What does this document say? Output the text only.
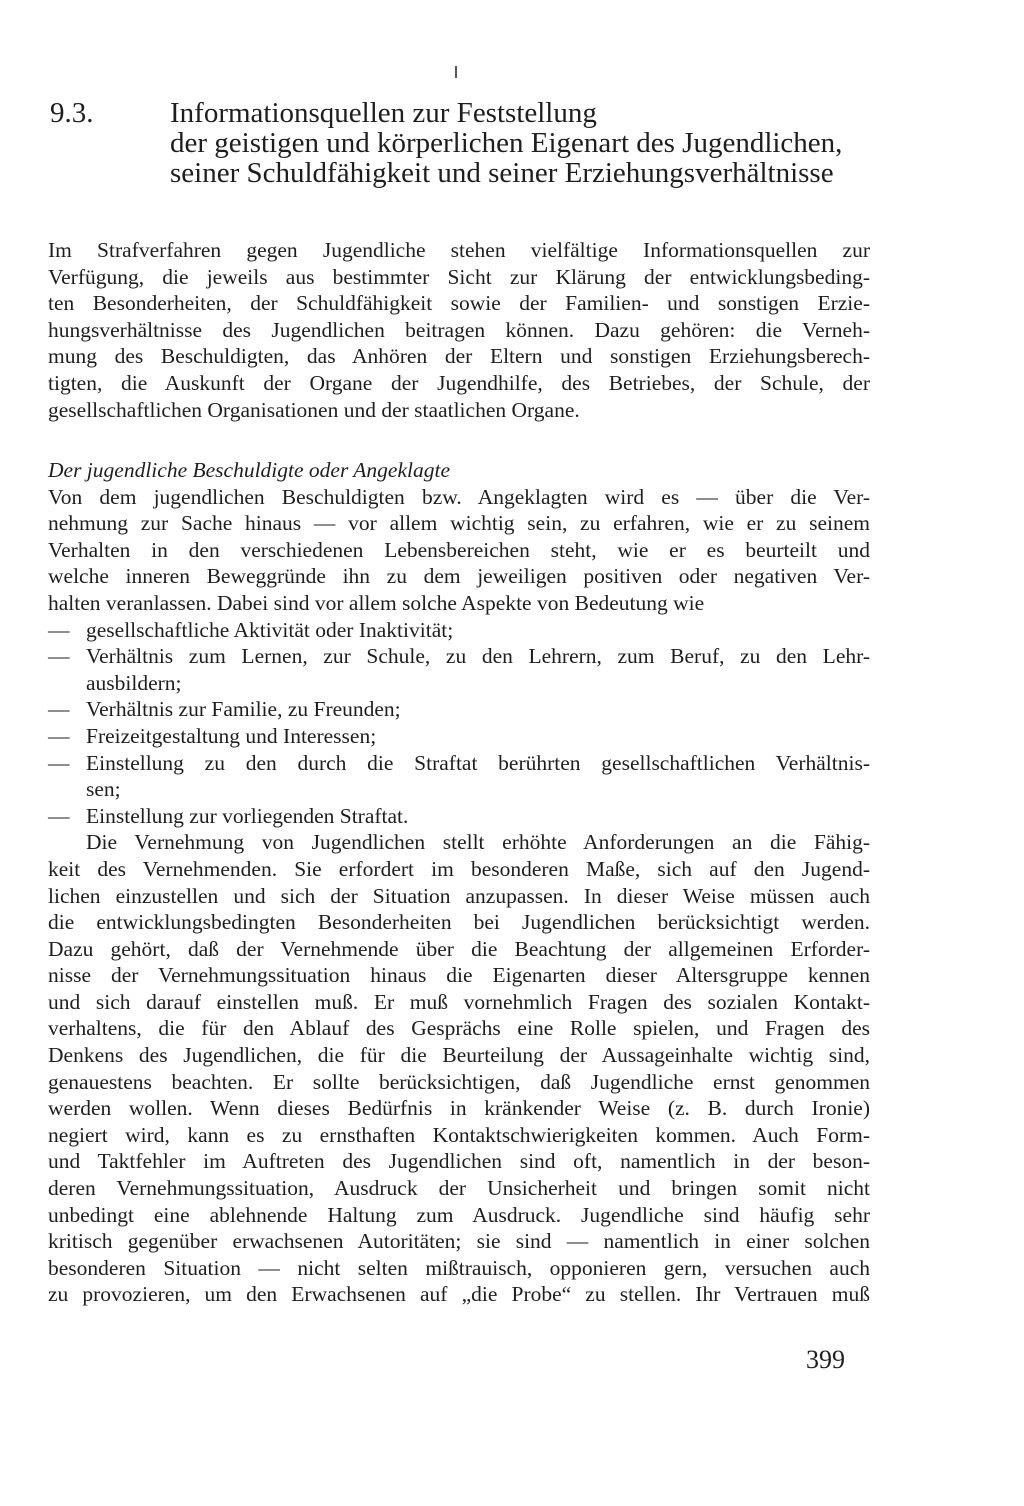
9.3.	Informationsquellen zur Feststellung
der geistigen und körperlichen Eigenart des Jugendlichen,
seiner Schuldfähigkeit und seiner Erziehungsverhältnisse
Im Strafverfahren gegen Jugendliche stehen vielfältige Informationsquellen zur
Verfügung, die jeweils aus bestimmter Sicht zur Klärung der entwicklungsbeding-
ten Besonderheiten, der Schuldfähigkeit sowie der Familien- und sonstigen Erzie-
hungsverhältnisse des Jugendlichen beitragen können. Dazu gehören: die Verneh-
mung des Beschuldigten, das Anhören der Eltern und sonstigen Erziehungsberech-
tigten, die Auskunft der Organe der Jugendhilfe, des Betriebes, der Schule, der
gesellschaftlichen Organisationen und der staatlichen Organe.
Der jugendliche Beschuldigte oder Angeklagte
Von dem jugendlichen Beschuldigten bzw. Angeklagten wird es — über die Ver-
nehmung zur Sache hinaus — vor allem wichtig sein, zu erfahren, wie er zu seinem
Verhalten in den verschiedenen Lebensbereichen steht, wie er es beurteilt und
welche inneren Beweggründe ihn zu dem jeweiligen positiven oder negativen Ver-
halten veranlassen. Dabei sind vor allem solche Aspekte von Bedeutung wie
— gesellschaftliche Aktivität oder Inaktivität;
— Verhältnis zum Lernen, zur Schule, zu den Lehrern, zum Beruf, zu den Lehr-
ausbildern;
— Verhältnis zur Familie, zu Freunden;
— Freizeitgestaltung und Interessen;
— Einstellung zu den durch die Straftat berührten gesellschaftlichen Verhältnis-
sen;
— Einstellung zur vorliegenden Straftat.
Die Vernehmung von Jugendlichen stellt erhöhte Anforderungen an die Fähig-
keit des Vernehmenden. Sie erfordert im besonderen Maße, sich auf den Jugend-
lichen einzustellen und sich der Situation anzupassen. In dieser Weise müssen auch
die entwicklungsbedingten Besonderheiten bei Jugendlichen berücksichtigt werden.
Dazu gehört, daß der Vernehmende über die Beachtung der allgemeinen Erforder-
nisse der Vernehmungssituation hinaus die Eigenarten dieser Altersgruppe kennen
und sich darauf einstellen muß. Er muß vornehmlich Fragen des sozialen Kontakt-
verhaltens, die für den Ablauf des Gesprächs eine Rolle spielen, und Fragen des
Denkens des Jugendlichen, die für die Beurteilung der Aussageinhalte wichtig sind,
genauestens beachten. Er sollte berücksichtigen, daß Jugendliche ernst genommen
werden wollen. Wenn dieses Bedürfnis in kränkender Weise (z. B. durch Ironie)
negiert wird, kann es zu ernsthaften Kontaktschwierigkeiten kommen. Auch Form-
und Taktfehler im Auftreten des Jugendlichen sind oft, namentlich in der beson-
deren Vernehmungssituation, Ausdruck der Unsicherheit und bringen somit nicht
unbedingt eine ablehnende Haltung zum Ausdruck. Jugendliche sind häufig sehr
kritisch gegenüber erwachsenen Autoritäten; sie sind — namentlich in einer solchen
besonderen Situation — nicht selten mißtrauisch, opponieren gern, versuchen auch
zu provozieren, um den Erwachsenen auf „die Probe“ zu stellen. Ihr Vertrauen muß
399
